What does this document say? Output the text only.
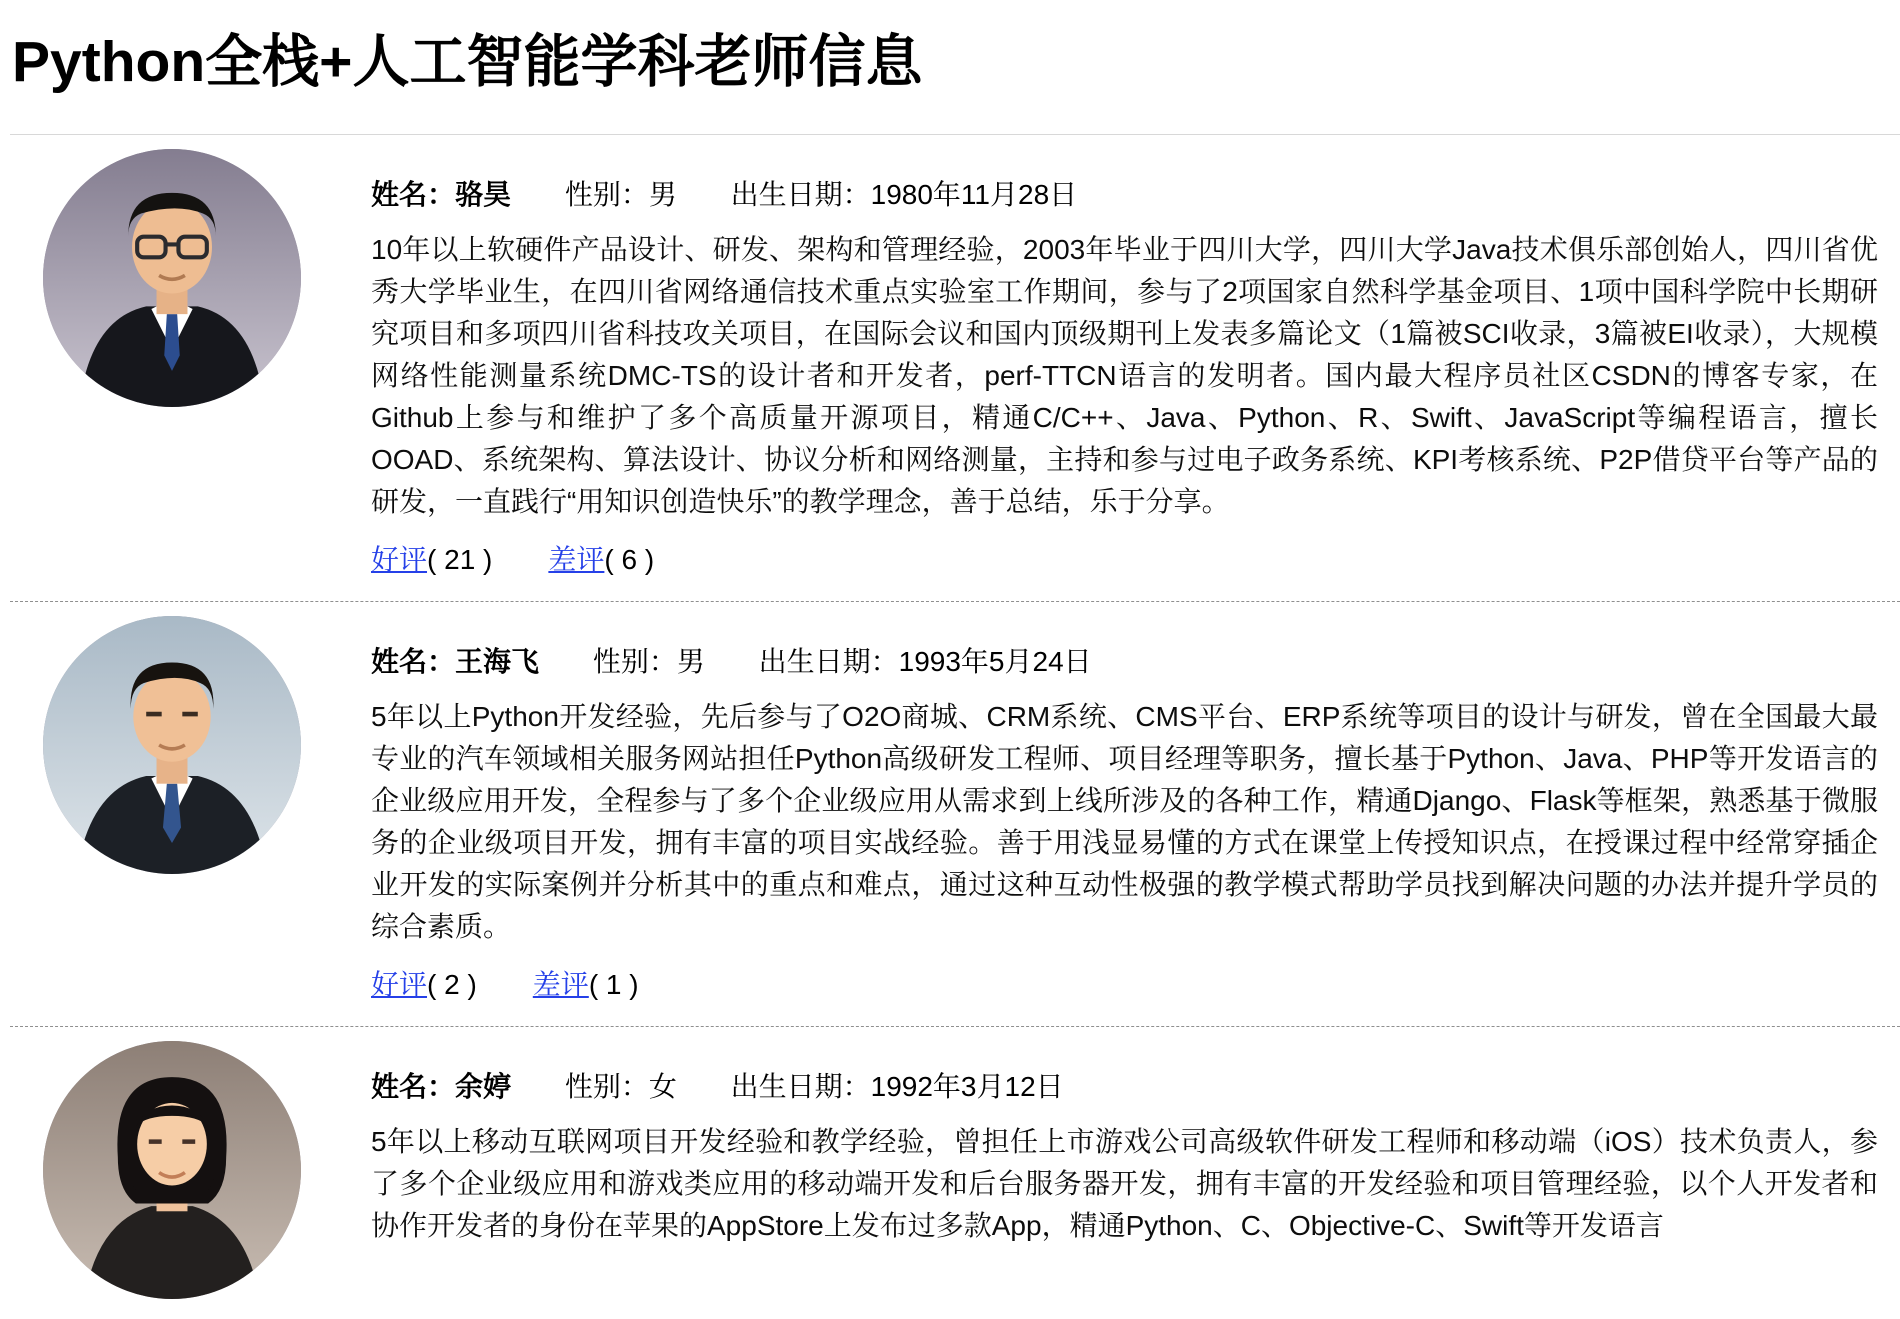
Python全栈+人工智能学科老师信息
姓名：骆昊 性别：男 出生日期：1980年11月28日

10年以上软硬件产品设计、研发、架构和管理经验，2003年毕业于四川大学，四川大学Java技术俱乐部创始人，四川省优秀大学毕业生，在四川省网络通信技术重点实验室工作期间，参与了2项国家自然科学基金项目、1项中国科学院中长期研究项目和多项四川省科技攻关项目，在国际会议和国内顶级期刊上发表多篇论文（1篇被SCI收录，3篇被EI收录），大规模网络性能测量系统DMC-TS的设计者和开发者，perf-TTCN语言的发明者。国内最大程序员社区CSDN的博客专家，在Github上参与和维护了多个高质量开源项目，精通C/C++、Java、Python、R、Swift、JavaScript等编程语言，擅长OOAD、系统架构、算法设计、协议分析和网络测量，主持和参与过电子政务系统、KPI考核系统、P2P借贷平台等产品的研发，一直践行“用知识创造快乐”的教学理念，善于总结，乐于分享。

好评( 21 ) 差评( 6 )
姓名：王海飞 性别：男 出生日期：1993年5月24日

5年以上Python开发经验，先后参与了O2O商城、CRM系统、CMS平台、ERP系统等项目的设计与研发，曾在全国最大最专业的汽车领域相关服务网站担任Python高级研发工程师、项目经理等职务，擅长基于Python、Java、PHP等开发语言的企业级应用开发，全程参与了多个企业级应用从需求到上线所涉及的各种工作，精通Django、Flask等框架，熟悉基于微服务的企业级项目开发，拥有丰富的项目实战经验。善于用浅显易懂的方式在课堂上传授知识点，在授课过程中经常穿插企业开发的实际案例并分析其中的重点和难点，通过这种互动性极强的教学模式帮助学员找到解决问题的办法并提升学员的综合素质。

好评( 2 ) 差评( 1 )
姓名：余婷 性别：女 出生日期：1992年3月12日

5年以上移动互联网项目开发经验和教学经验，曾担任上市游戏公司高级软件研发工程师和移动端（iOS）技术负责人，参了多个企业级应用和游戏类应用的移动端开发和后台服务器开发，拥有丰富的开发经验和项目管理经验，以个人开发者和协作开发者的身份在苹果的AppStore上发布过多款App，精通Python、C、Objective-C、Swift等开发语言
